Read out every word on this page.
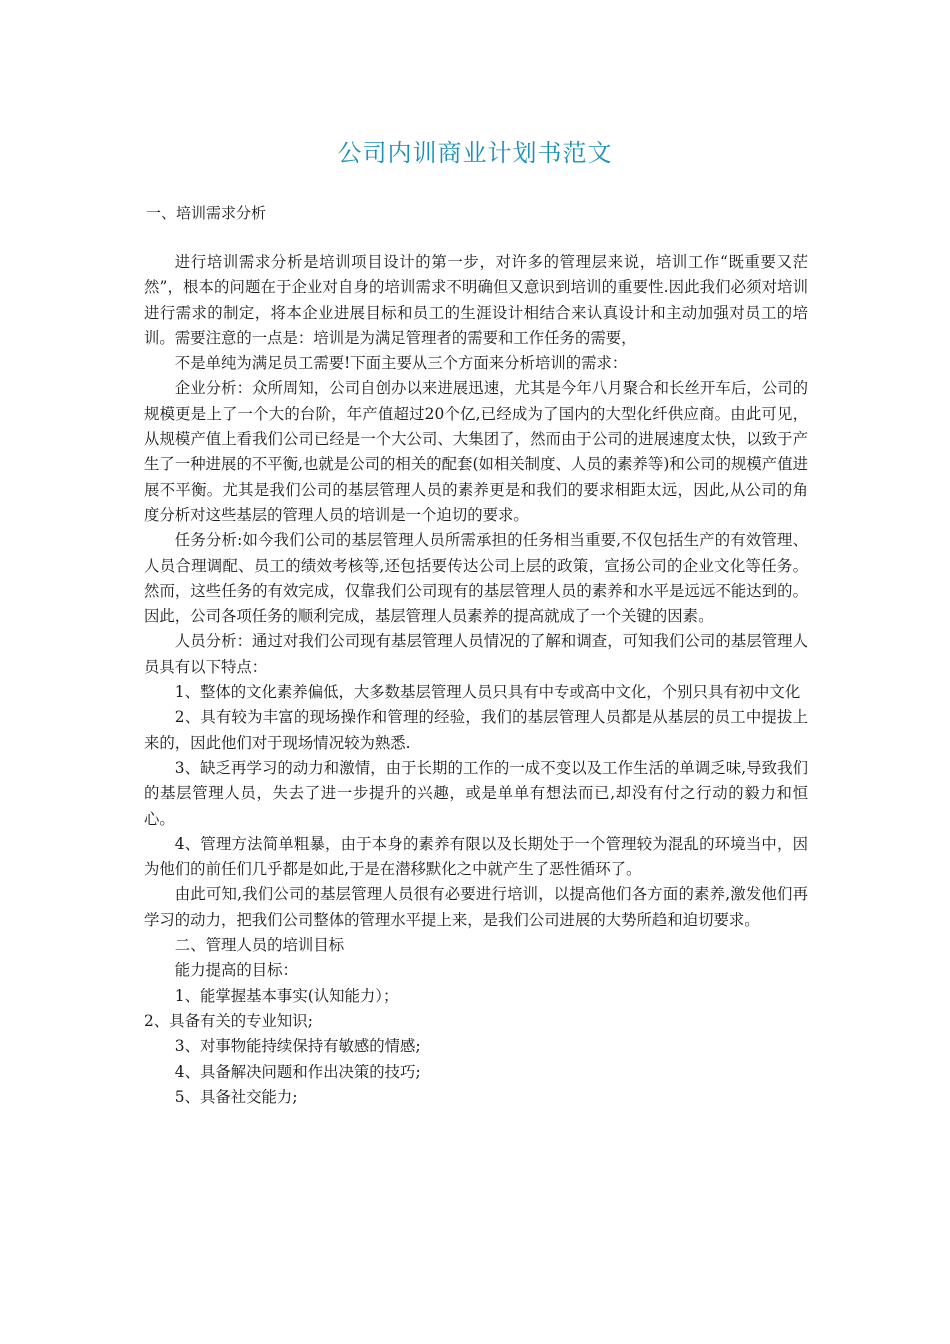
公司内训商业计划书范文

一、培训需求分析

进行培训需求分析是培训项目设计的第一步，对许多的管理层来说，培训工作“既重要又茫然”，根本的问题在于企业对自身的培训需求不明确但又意识到培训的重要性.因此我们必须对培训进行需求的制定，将本企业进展目标和员工的生涯设计相结合来认真设计和主动加强对员工的培训。需要注意的一点是：培训是为满足管理者的需要和工作任务的需要，

不是单纯为满足员工需要!下面主要从三个方面来分析培训的需求：

企业分析：众所周知，公司自创办以来进展迅速，尤其是今年八月聚合和长丝开车后，公司的规模更是上了一个大的台阶，年产值超过20个亿,已经成为了国内的大型化纤供应商。由此可见，从规模产值上看我们公司已经是一个大公司、大集团了，然而由于公司的进展速度太快，以致于产生了一种进展的不平衡,也就是公司的相关的配套(如相关制度、人员的素养等)和公司的规模产值进展不平衡。尤其是我们公司的基层管理人员的素养更是和我们的要求相距太远，因此,从公司的角度分析对这些基层的管理人员的培训是一个迫切的要求。

任务分析:如今我们公司的基层管理人员所需承担的任务相当重要,不仅包括生产的有效管理、人员合理调配、员工的绩效考核等,还包括要传达公司上层的政策，宣扬公司的企业文化等任务。然而，这些任务的有效完成，仅靠我们公司现有的基层管理人员的素养和水平是远远不能达到的。因此，公司各项任务的顺利完成，基层管理人员素养的提高就成了一个关键的因素。

人员分析：通过对我们公司现有基层管理人员情况的了解和调查，可知我们公司的基层管理人员具有以下特点：

1、整体的文化素养偏低，大多数基层管理人员只具有中专或高中文化，个别只具有初中文化

2、具有较为丰富的现场操作和管理的经验，我们的基层管理人员都是从基层的员工中提拔上来的，因此他们对于现场情况较为熟悉.

3、缺乏再学习的动力和激情，由于长期的工作的一成不变以及工作生活的单调乏味,导致我们的基层管理人员，失去了进一步提升的兴趣，或是单单有想法而已,却没有付之行动的毅力和恒心。

4、管理方法简单粗暴，由于本身的素养有限以及长期处于一个管理较为混乱的环境当中，因为他们的前任们几乎都是如此,于是在潜移默化之中就产生了恶性循环了。

由此可知,我们公司的基层管理人员很有必要进行培训，以提高他们各方面的素养,激发他们再学习的动力，把我们公司整体的管理水平提上来，是我们公司进展的大势所趋和迫切要求。

二、管理人员的培训目标

能力提高的目标：

1、能掌握基本事实(认知能力）；

2、具备有关的专业知识;

3、对事物能持续保持有敏感的情感;

4、具备解决问题和作出决策的技巧;

5、具备社交能力;
